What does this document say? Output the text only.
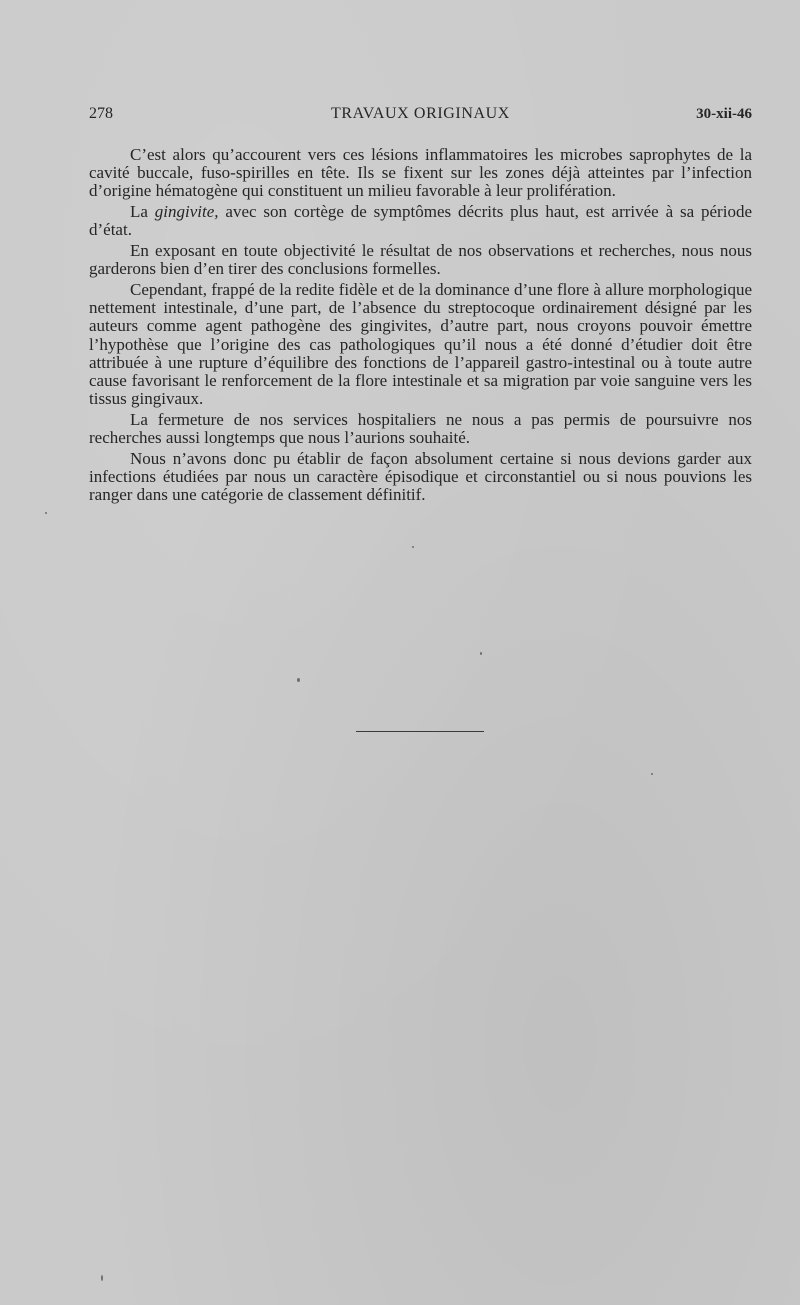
278	TRAVAUX ORIGINAUX	30-xii-46

C’est alors qu’accourent vers ces lésions inflammatoires les microbes saprophytes de la cavité buccale, fuso-spirilles en tête. Ils se fixent sur les zones déjà atteintes par l’infection d’origine hématogène qui constituent un milieu favorable à leur prolifération.

La gingivite, avec son cortège de symptômes décrits plus haut, est arrivée à sa période d’état.

En exposant en toute objectivité le résultat de nos observations et recherches, nous nous garderons bien d’en tirer des conclusions formelles.

Cependant, frappé de la redite fidèle et de la dominance d’une flore à allure morphologique nettement intestinale, d’une part, de l’absence du streptocoque ordinairement désigné par les auteurs comme agent pathogène des gingivites, d’autre part, nous croyons pouvoir émettre l’hypothèse que l’origine des cas pathologiques qu’il nous a été donné d’étudier doit être attribuée à une rupture d’équilibre des fonctions de l’appareil gastro-intestinal ou à toute autre cause favorisant le renforcement de la flore intestinale et sa migration par voie sanguine vers les tissus gingivaux.

La fermeture de nos services hospitaliers ne nous a pas permis de poursuivre nos recherches aussi longtemps que nous l’aurions souhaité.

Nous n’avons donc pu établir de façon absolument certaine si nous devions garder aux infections étudiées par nous un caractère épisodique et circonstantiel ou si nous pouvions les ranger dans une catégorie de classement définitif.
